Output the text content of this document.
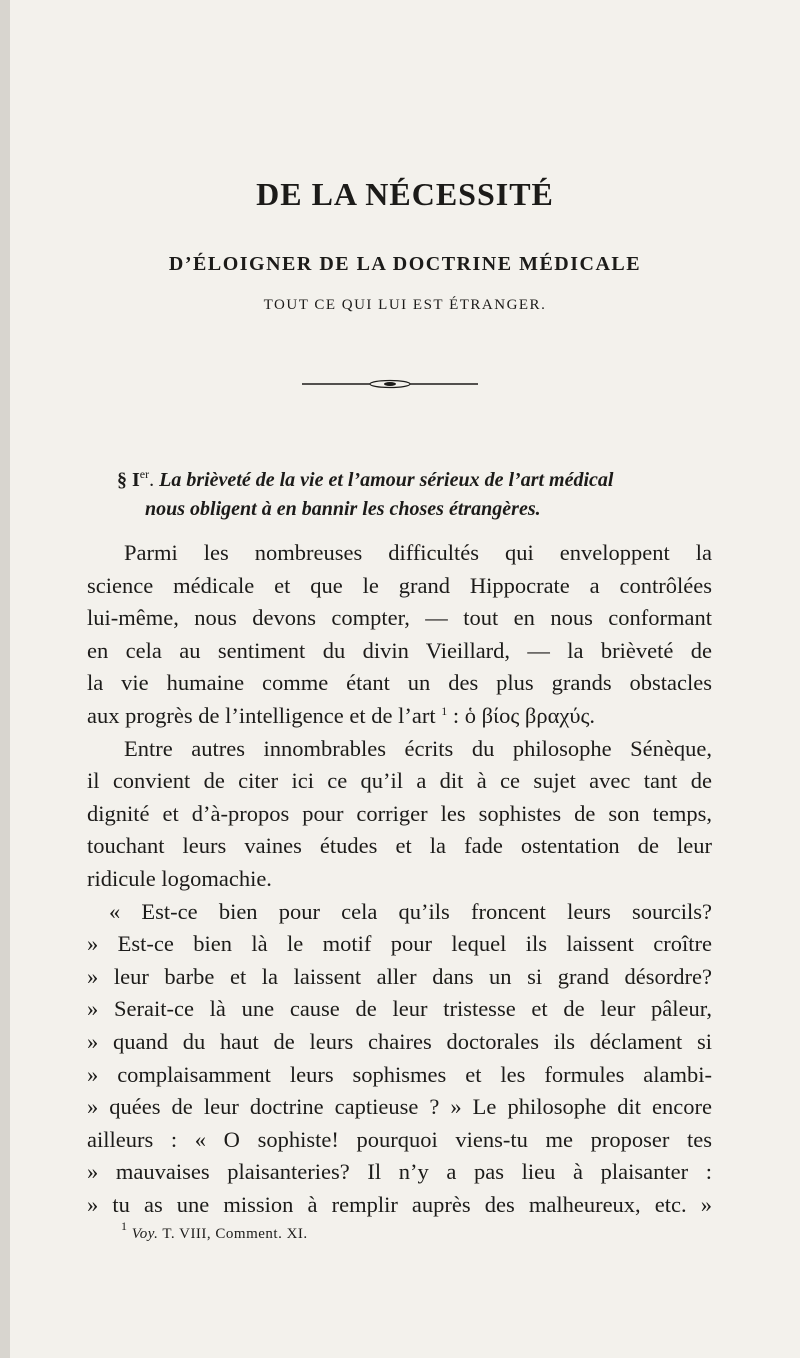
DE LA NÉCESSITÉ
D’ÉLOIGNER DE LA DOCTRINE MÉDICALE
TOUT CE QUI LUI EST ÉTRANGER.
§ Ier. La brièveté de la vie et l’amour sérieux de l’art médical
nous obligent à en bannir les choses étrangères.
Parmi les nombreuses difficultés qui enveloppent la
science médicale et que le grand Hippocrate a contrôlées
lui-même, nous devons compter, — tout en nous conformant
en cela au sentiment du divin Vieillard, — la brièveté de
la vie humaine comme étant un des plus grands obstacles
aux progrès de l’intelligence et de l’art $^1$ : ὁ βίος βραχύς.
Entre autres innombrables écrits du philosophe Sénèque,
il convient de citer ici ce qu’il a dit à ce sujet avec tant de
dignité et d’à-propos pour corriger les sophistes de son temps,
touchant leurs vaines études et la fade ostentation de leur
ridicule logomachie.
« Est-ce bien pour cela qu’ils froncent leurs sourcils?
» Est-ce bien là le motif pour lequel ils laissent croître
» leur barbe et la laissent aller dans un si grand désordre?
» Serait-ce là une cause de leur tristesse et de leur pâleur,
» quand du haut de leurs chaires doctorales ils déclament si
» complaisamment leurs sophismes et les formules alambi-
» quées de leur doctrine captieuse ? » Le philosophe dit encore
ailleurs : « O sophiste! pourquoi viens-tu me proposer tes
» mauvaises plaisanteries? Il n’y a pas lieu à plaisanter :
» tu as une mission à remplir auprès des malheureux, etc. »
$^1$ Voy. T. VIII, Comment. XI.
